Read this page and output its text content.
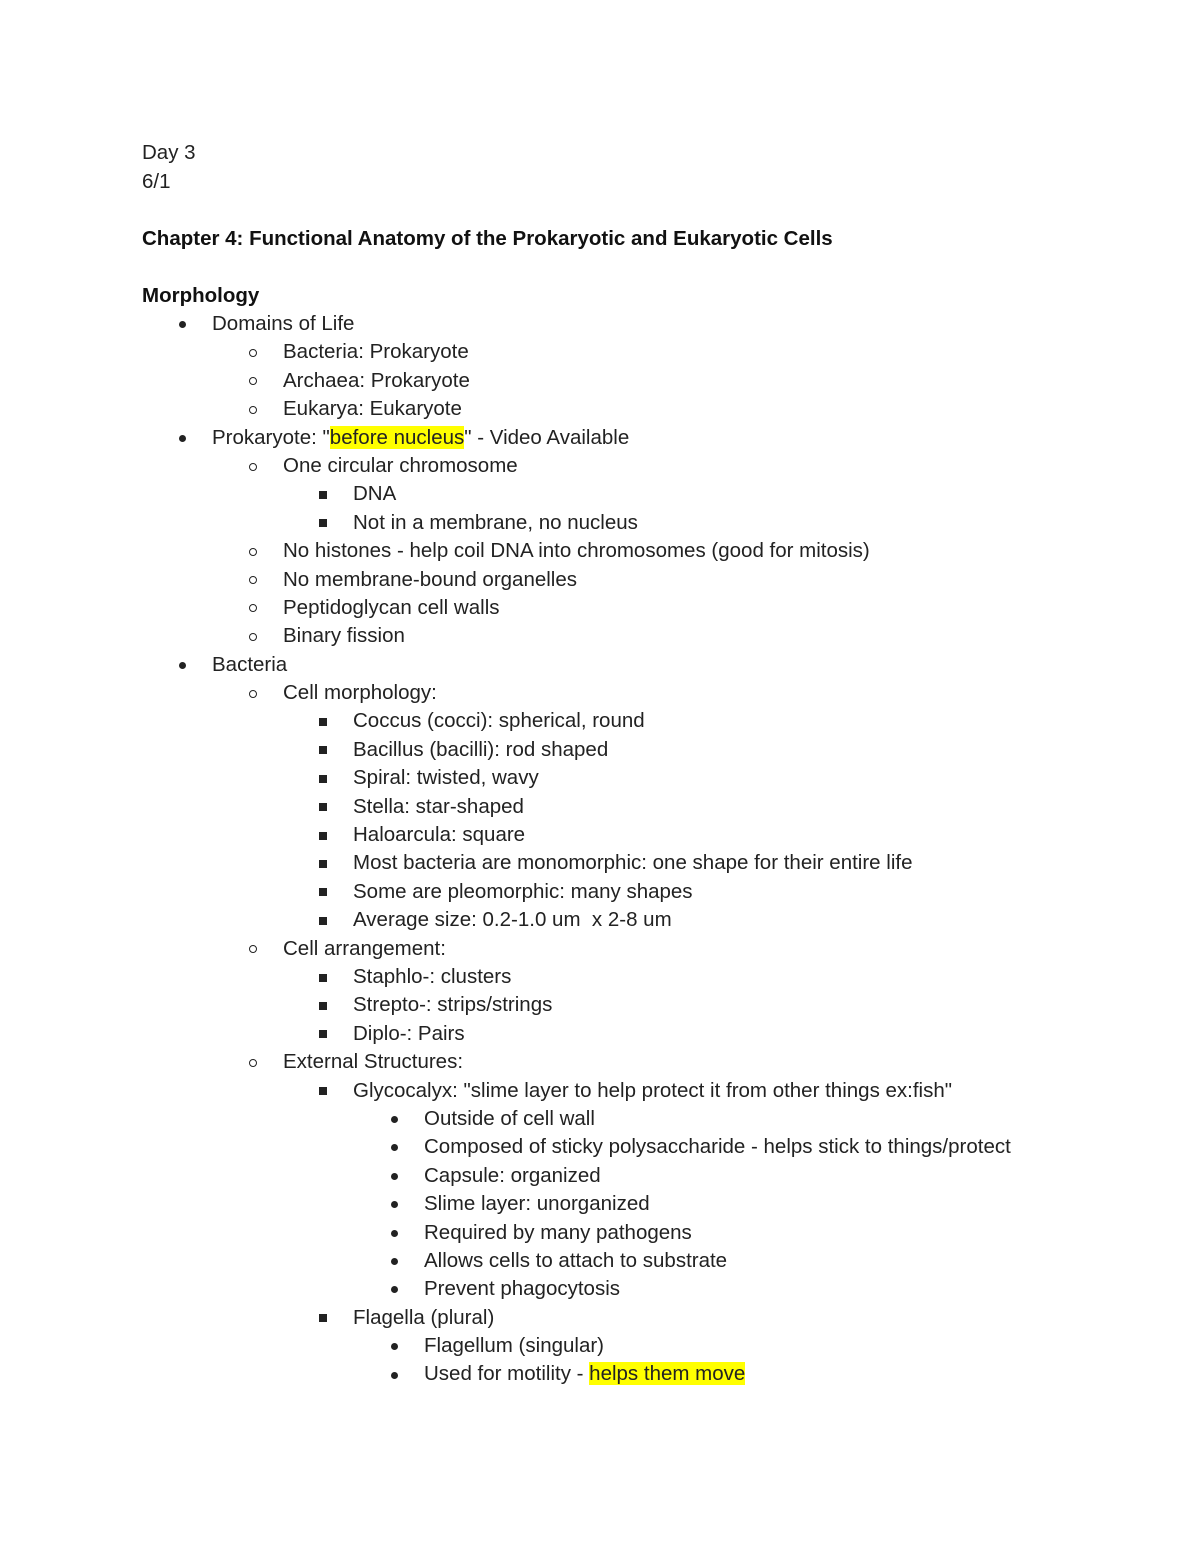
Day 3
6/1
Chapter 4: Functional Anatomy of the Prokaryotic and Eukaryotic Cells
Morphology
Domains of Life
Bacteria: Prokaryote
Archaea: Prokaryote
Eukarya: Eukaryote
Prokaryote: "before nucleus" - Video Available
One circular chromosome
DNA
Not in a membrane, no nucleus
No histones - help coil DNA into chromosomes (good for mitosis)
No membrane-bound organelles
Peptidoglycan cell walls
Binary fission
Bacteria
Cell morphology:
Coccus (cocci): spherical, round
Bacillus (bacilli): rod shaped
Spiral: twisted, wavy
Stella: star-shaped
Haloarcula: square
Most bacteria are monomorphic: one shape for their entire life
Some are pleomorphic: many shapes
Average size: 0.2-1.0 um  x 2-8 um
Cell arrangement:
Staphlo-: clusters
Strepto-: strips/strings
Diplo-: Pairs
External Structures:
Glycocalyx: "slime layer to help protect it from other things ex:fish"
Outside of cell wall
Composed of sticky polysaccharide - helps stick to things/protect
Capsule: organized
Slime layer: unorganized
Required by many pathogens
Allows cells to attach to substrate
Prevent phagocytosis
Flagella (plural)
Flagellum (singular)
Used for motility - helps them move
